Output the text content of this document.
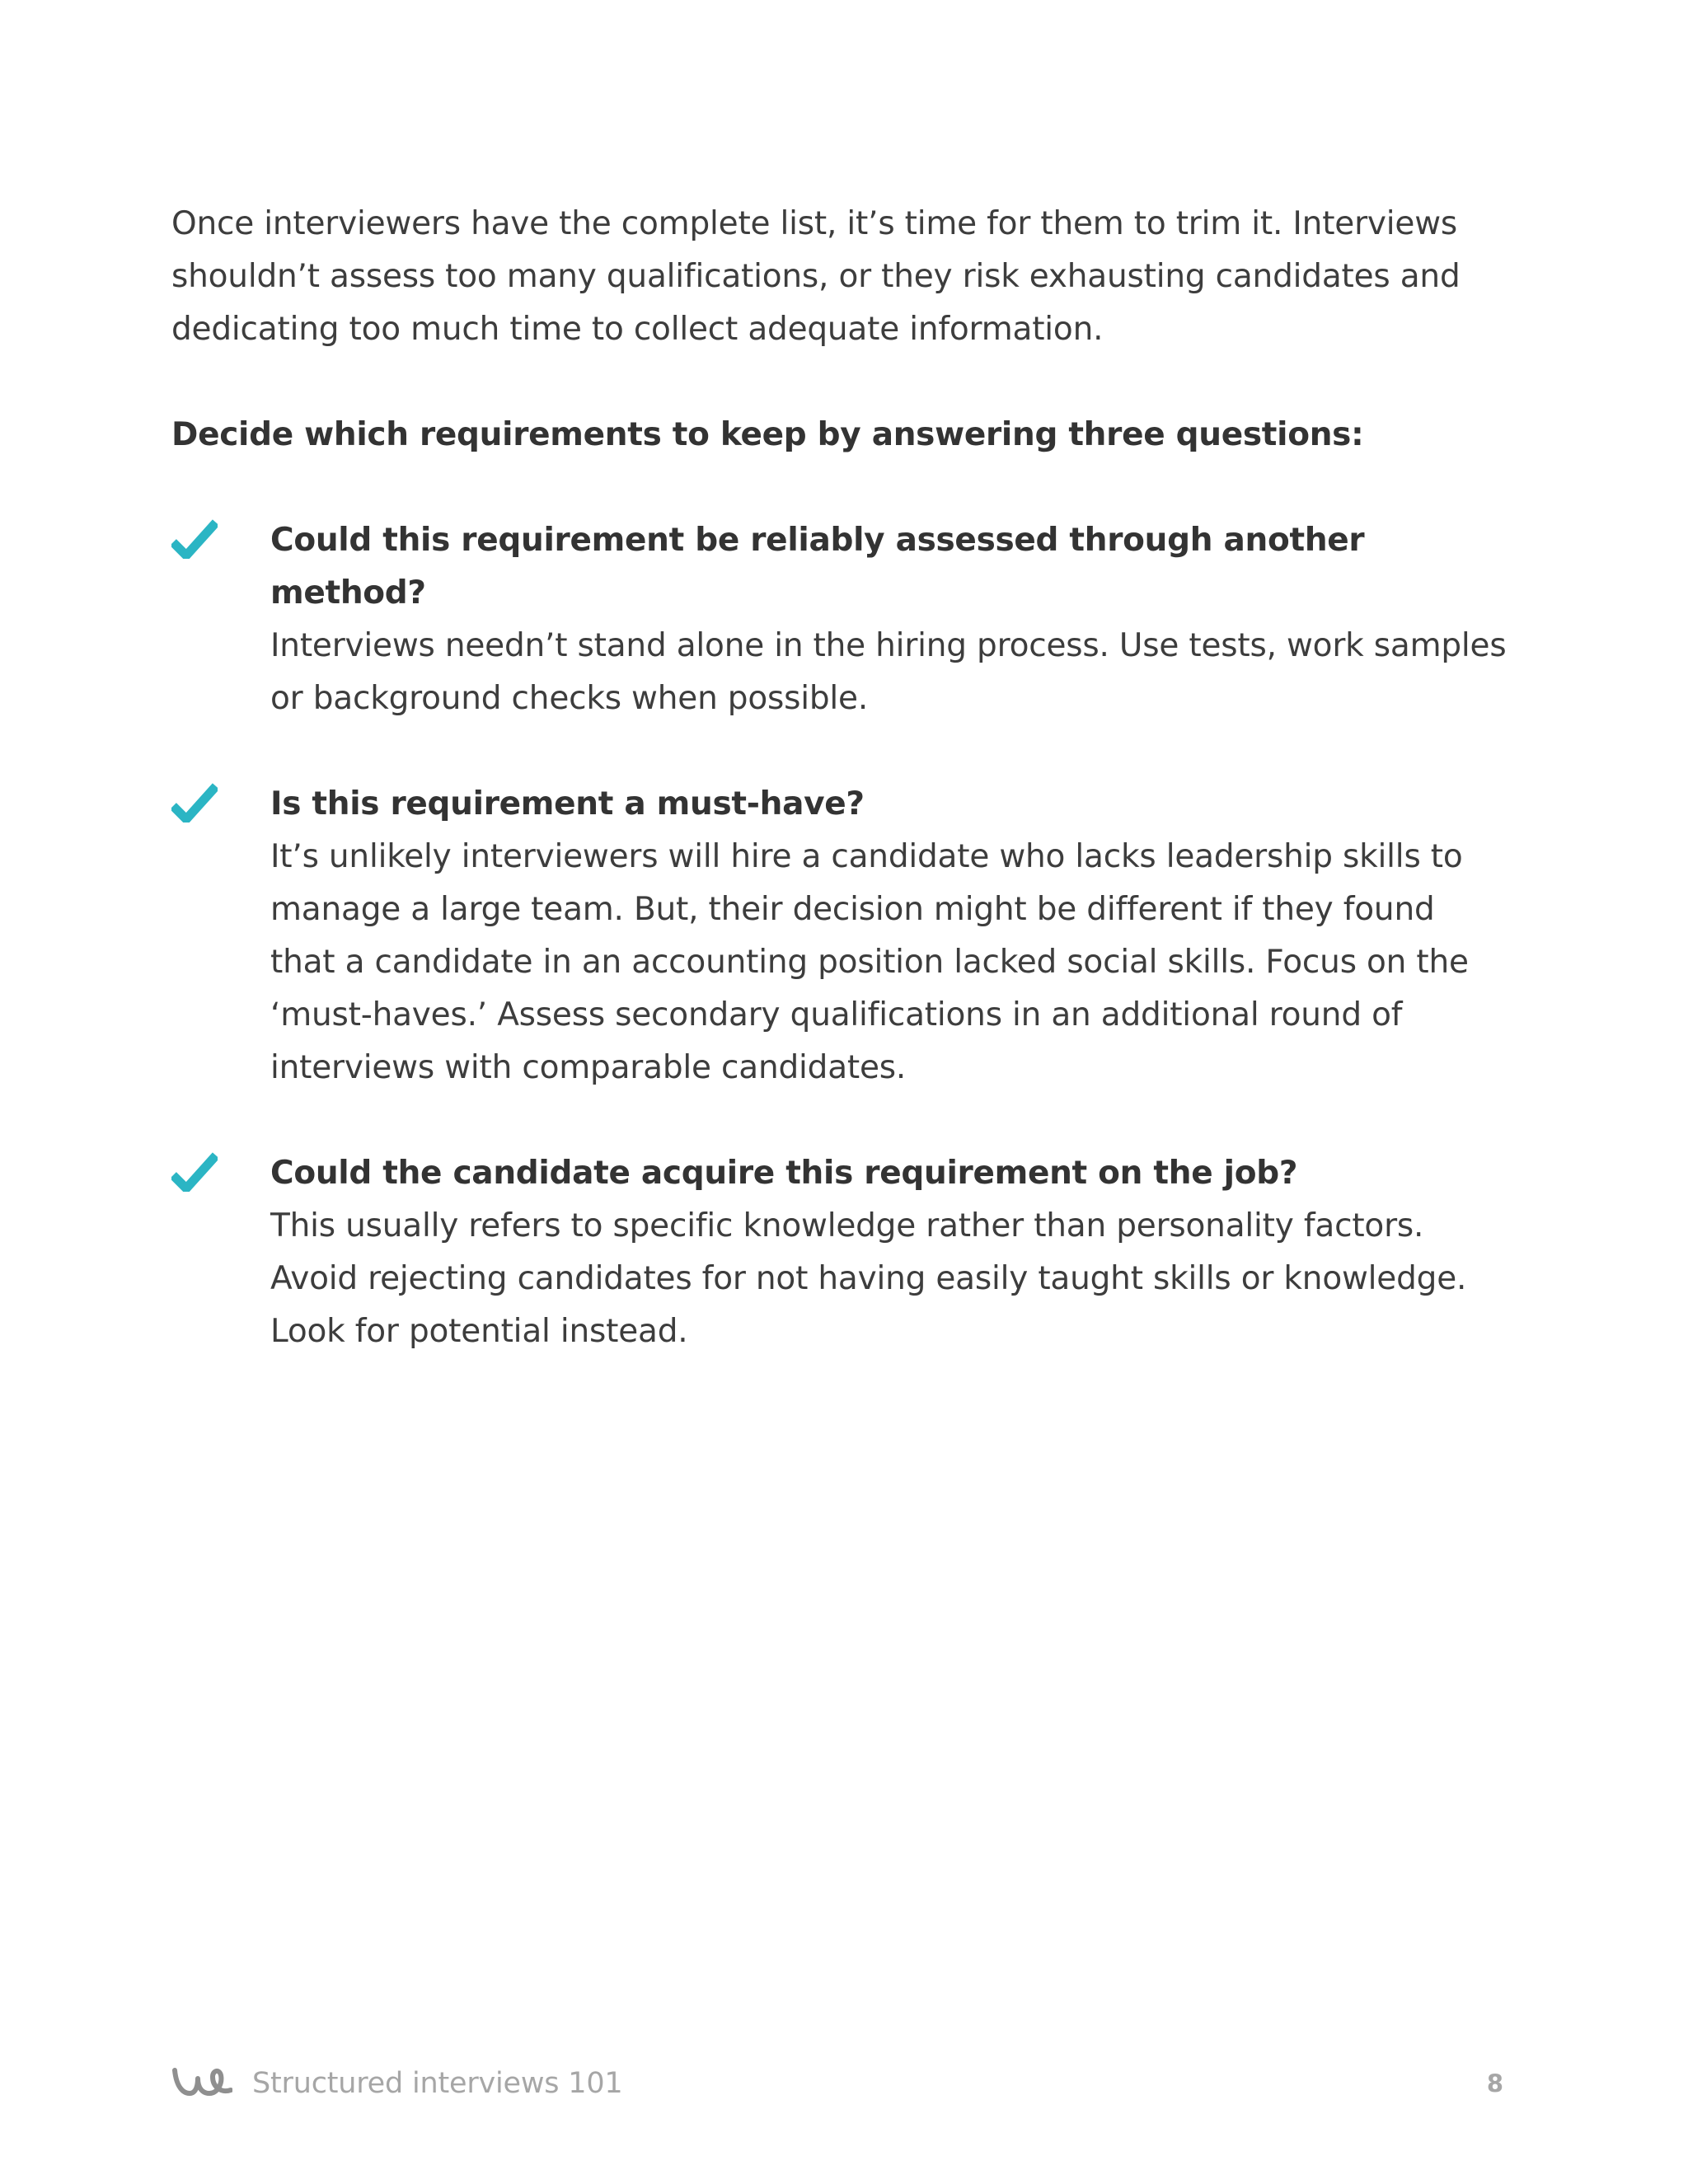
Once interviewers have the complete list, it’s time for them to trim it. Interviews shouldn’t assess too many qualifications, or they risk exhausting candidates and dedicating too much time to collect adequate information.

Decide which requirements to keep by answering three questions:

Could this requirement be reliably assessed through another method?
Interviews needn’t stand alone in the hiring process. Use tests, work samples or background checks when possible.
Is this requirement a must-have?
It’s unlikely interviewers will hire a candidate who lacks leadership skills to manage a large team. But, their decision might be different if they found that a candidate in an accounting position lacked social skills. Focus on the ‘must-haves.’ Assess secondary qualifications in an additional round of interviews with comparable candidates.
Could the candidate acquire this requirement on the job?
This usually refers to specific knowledge rather than personality factors. Avoid rejecting candidates for not having easily taught skills or knowledge. Look for potential instead.
Structured interviews 101	8
